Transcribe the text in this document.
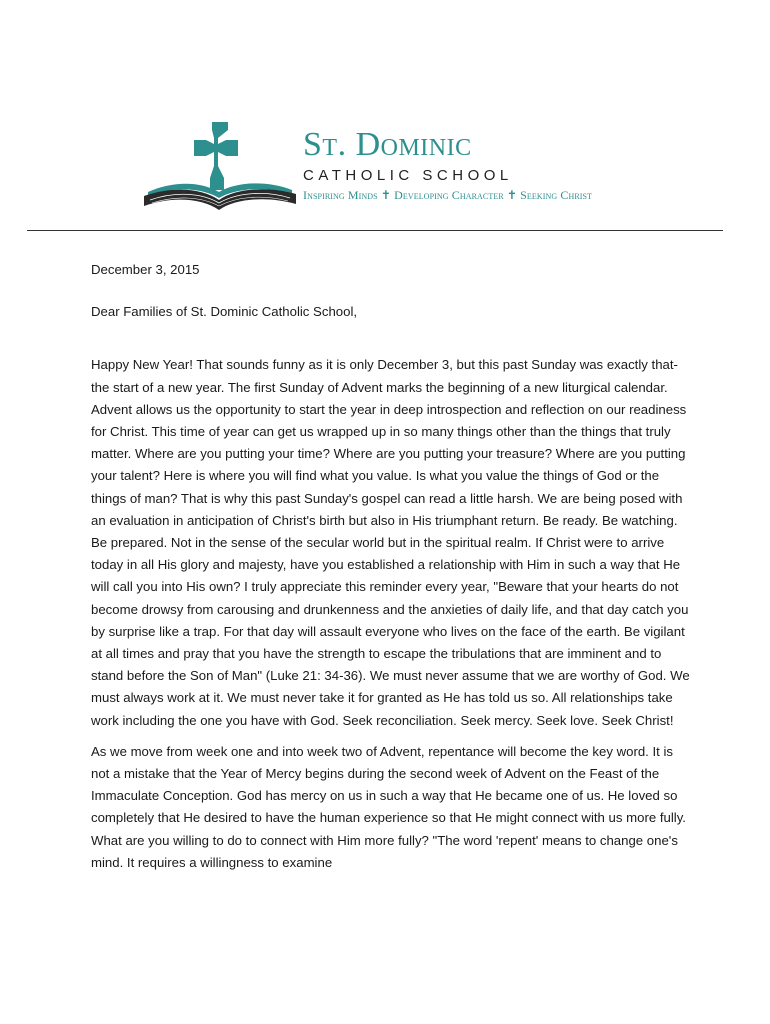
St. Dominic
CATHOLIC SCHOOL
Inspiring Minds ✝ Developing Character ✝ Seeking Christ

December 3, 2015

Dear Families of St. Dominic Catholic School,

Happy New Year! That sounds funny as it is only December 3, but this past Sunday was exactly that- the start of a new year. The first Sunday of Advent marks the beginning of a new liturgical calendar. Advent allows us the opportunity to start the year in deep introspection and reflection on our readiness for Christ. This time of year can get us wrapped up in so many things other than the things that truly matter. Where are you putting your time? Where are you putting your treasure? Where are you putting your talent? Here is where you will find what you value. Is what you value the things of God or the things of man? That is why this past Sunday's gospel can read a little harsh. We are being posed with an evaluation in anticipation of Christ's birth but also in His triumphant return. Be ready. Be watching. Be prepared. Not in the sense of the secular world but in the spiritual realm. If Christ were to arrive today in all His glory and majesty, have you established a relationship with Him in such a way that He will call you into His own? I truly appreciate this reminder every year, "Beware that your hearts do not become drowsy from carousing and drunkenness and the anxieties of daily life, and that day catch you by surprise like a trap. For that day will assault everyone who lives on the face of the earth. Be vigilant at all times and pray that you have the strength to escape the tribulations that are imminent and to stand before the Son of Man" (Luke 21: 34-36). We must never assume that we are worthy of God. We must always work at it. We must never take it for granted as He has told us so. All relationships take work including the one you have with God. Seek reconciliation. Seek mercy. Seek love. Seek Christ!

As we move from week one and into week two of Advent, repentance will become the key word. It is not a mistake that the Year of Mercy begins during the second week of Advent on the Feast of the Immaculate Conception. God has mercy on us in such a way that He became one of us. He loved so completely that He desired to have the human experience so that He might connect with us more fully. What are you willing to do to connect with Him more fully? "The word 'repent' means to change one's mind. It requires a willingness to examine
